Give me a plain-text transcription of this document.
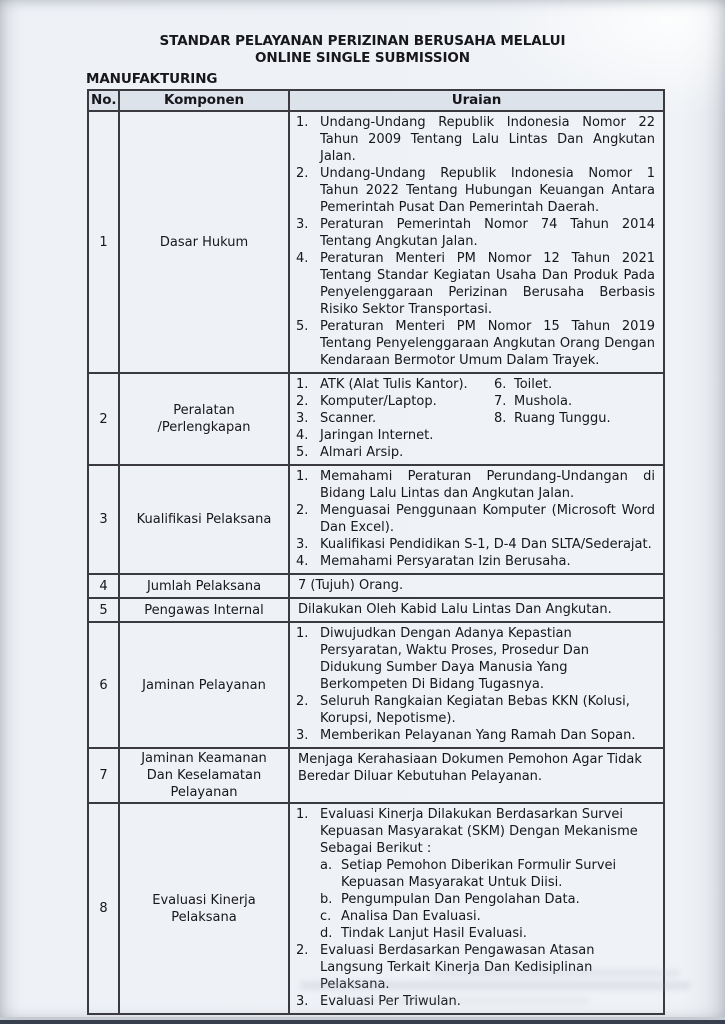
STANDAR PELAYANAN PERIZINAN BERUSAHA MELALUI
ONLINE SINGLE SUBMISSION
MANUFAKTURING
No.	Komponen	Uraian
1	Dasar Hukum	
1. Undang-Undang Republik Indonesia Nomor 22 Tahun 2009 Tentang Lalu Lintas Dan Angkutan Jalan.
2. Undang-Undang Republik Indonesia Nomor 1 Tahun 2022 Tentang Hubungan Keuangan Antara Pemerintah Pusat Dan Pemerintah Daerah.
3. Peraturan Pemerintah Nomor 74 Tahun 2014 Tentang Angkutan Jalan.
4. Peraturan Menteri PM Nomor 12 Tahun 2021 Tentang Standar Kegiatan Usaha Dan Produk Pada Penyelenggaraan Perizinan Berusaha Berbasis Risiko Sektor Transportasi.
5. Peraturan Menteri PM Nomor 15 Tahun 2019 Tentang Penyelenggaraan Angkutan Orang Dengan Kendaraan Bermotor Umum Dalam Trayek.

2	Peralatan /Perlengkapan	
1. ATK (Alat Tulis Kantor).
2. Komputer/Laptop.
3. Scanner.
4. Jaringan Internet.
5. Almari Arsip.
6. Toilet.
7. Mushola.
8. Ruang Tunggu.

3	Kualifikasi Pelaksana	
1. Memahami Peraturan Perundang-Undangan di Bidang Lalu Lintas dan Angkutan Jalan.
2. Menguasai Penggunaan Komputer (Microsoft Word Dan Excel).
3. Kualifikasi Pendidikan S-1, D-4 Dan SLTA/Sederajat.
4. Memahami Persyaratan Izin Berusaha.

4	Jumlah Pelaksana	7 (Tujuh) Orang.

5	Pengawas Internal	Dilakukan Oleh Kabid Lalu Lintas Dan Angkutan.

6	Jaminan Pelayanan	
1. Diwujudkan Dengan Adanya Kepastian Persyaratan, Waktu Proses, Prosedur Dan Didukung Sumber Daya Manusia Yang Berkompeten Di Bidang Tugasnya.
2. Seluruh Rangkaian Kegiatan Bebas KKN (Kolusi, Korupsi, Nepotisme).
3. Memberikan Pelayanan Yang Ramah Dan Sopan.

7	Jaminan Keamanan Dan Keselamatan Pelayanan	Menjaga Kerahasiaan Dokumen Pemohon Agar Tidak Beredar Diluar Kebutuhan Pelayanan.

8	Evaluasi Kinerja Pelaksana	
1. Evaluasi Kinerja Dilakukan Berdasarkan Survei Kepuasan Masyarakat (SKM) Dengan Mekanisme Sebagai Berikut :
a. Setiap Pemohon Diberikan Formulir Survei Kepuasan Masyarakat Untuk Diisi.
b. Pengumpulan Dan Pengolahan Data.
c. Analisa Dan Evaluasi.
d. Tindak Lanjut Hasil Evaluasi.
2. Evaluasi Berdasarkan Pengawasan Atasan Langsung Terkait Kinerja Dan Kedisiplinan Pelaksana.
3. Evaluasi Per Triwulan.
